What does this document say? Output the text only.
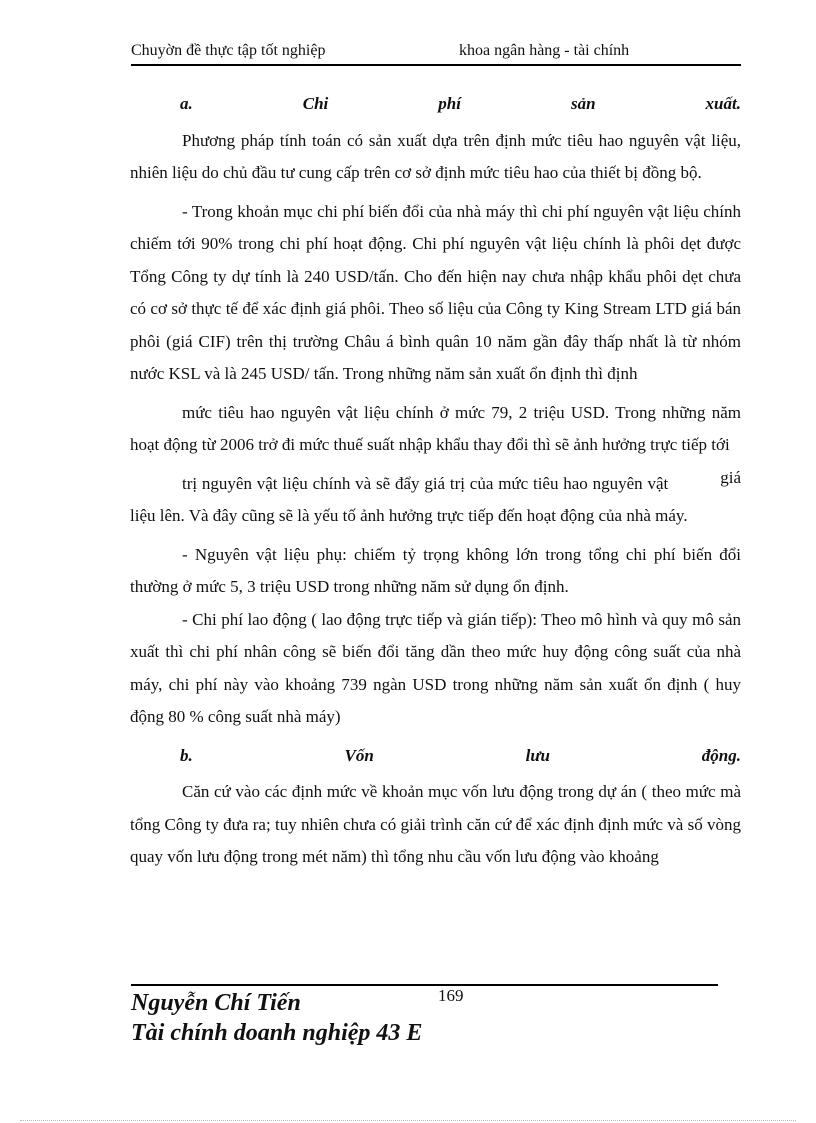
Chuyờn đề thực tập tốt nghiệp	khoa ngân hàng - tài chính

a.	Chi	phí	sản	xuất.

Phương pháp tính toán có sản xuất dựa trên định mức tiêu hao nguyên vật liệu, nhiên liệu do chủ đầu tư cung cấp trên cơ sở định mức tiêu hao của thiết bị đồng bộ.

- Trong khoản mục chi phí biến đổi của nhà máy thì chi phí nguyên vật liệu chính chiếm tới 90% trong chi phí hoạt động. Chi phí nguyên vật liệu chính là phôi dẹt được Tổng Công ty dự tính là 240 USD/tấn. Cho đến hiện nay chưa nhập khẩu phôi dẹt chưa có cơ sở thực tế để xác định giá phôi. Theo số liệu của Công ty King Stream LTD giá bán phôi (giá CIF) trên thị trường Châu á bình quân 10 năm gần đây thấp nhất là từ nhóm nước KSL và là 245 USD/ tấn. Trong những năm sản xuất ổn định thì định

mức tiêu hao nguyên vật liệu chính ở mức 79, 2 triệu USD. Trong những năm hoạt động từ 2006 trở đi mức thuế suất nhập khẩu thay đổi thì sẽ ảnh hưởng trực tiếp tới
giá

trị nguyên vật liệu chính và sẽ đẩy giá trị của mức tiêu hao nguyên vật liệu lên. Và đây cũng sẽ là yếu tố ảnh hưởng trực tiếp đến hoạt động của nhà máy.

- Nguyên vật liệu phụ: chiếm tỷ trọng không lớn trong tổng chi phí biến đổi thường ở mức 5, 3 triệu USD trong những năm sử dụng ổn định.

- Chi phí lao động ( lao động trực tiếp và gián tiếp): Theo mô hình và quy mô sản xuất thì chi phí nhân công sẽ biến đổi tăng dần theo mức huy động công suất của nhà máy, chi phí này vào khoảng 739 ngàn USD trong những năm sản xuất ổn định ( huy động 80 % công suất nhà máy)

b.	Vốn	lưu	động.

Căn cứ vào các định mức về khoản mục vốn lưu động trong dự án ( theo mức mà tổng Công ty đưa ra; tuy nhiên chưa có giải trình căn cứ để xác định định mức và số vòng quay vốn lưu động trong mét năm) thì tổng nhu cầu vốn lưu động vào khoảng

169
Nguyễn Chí Tiến
Tài chính doanh nghiệp 43 E
